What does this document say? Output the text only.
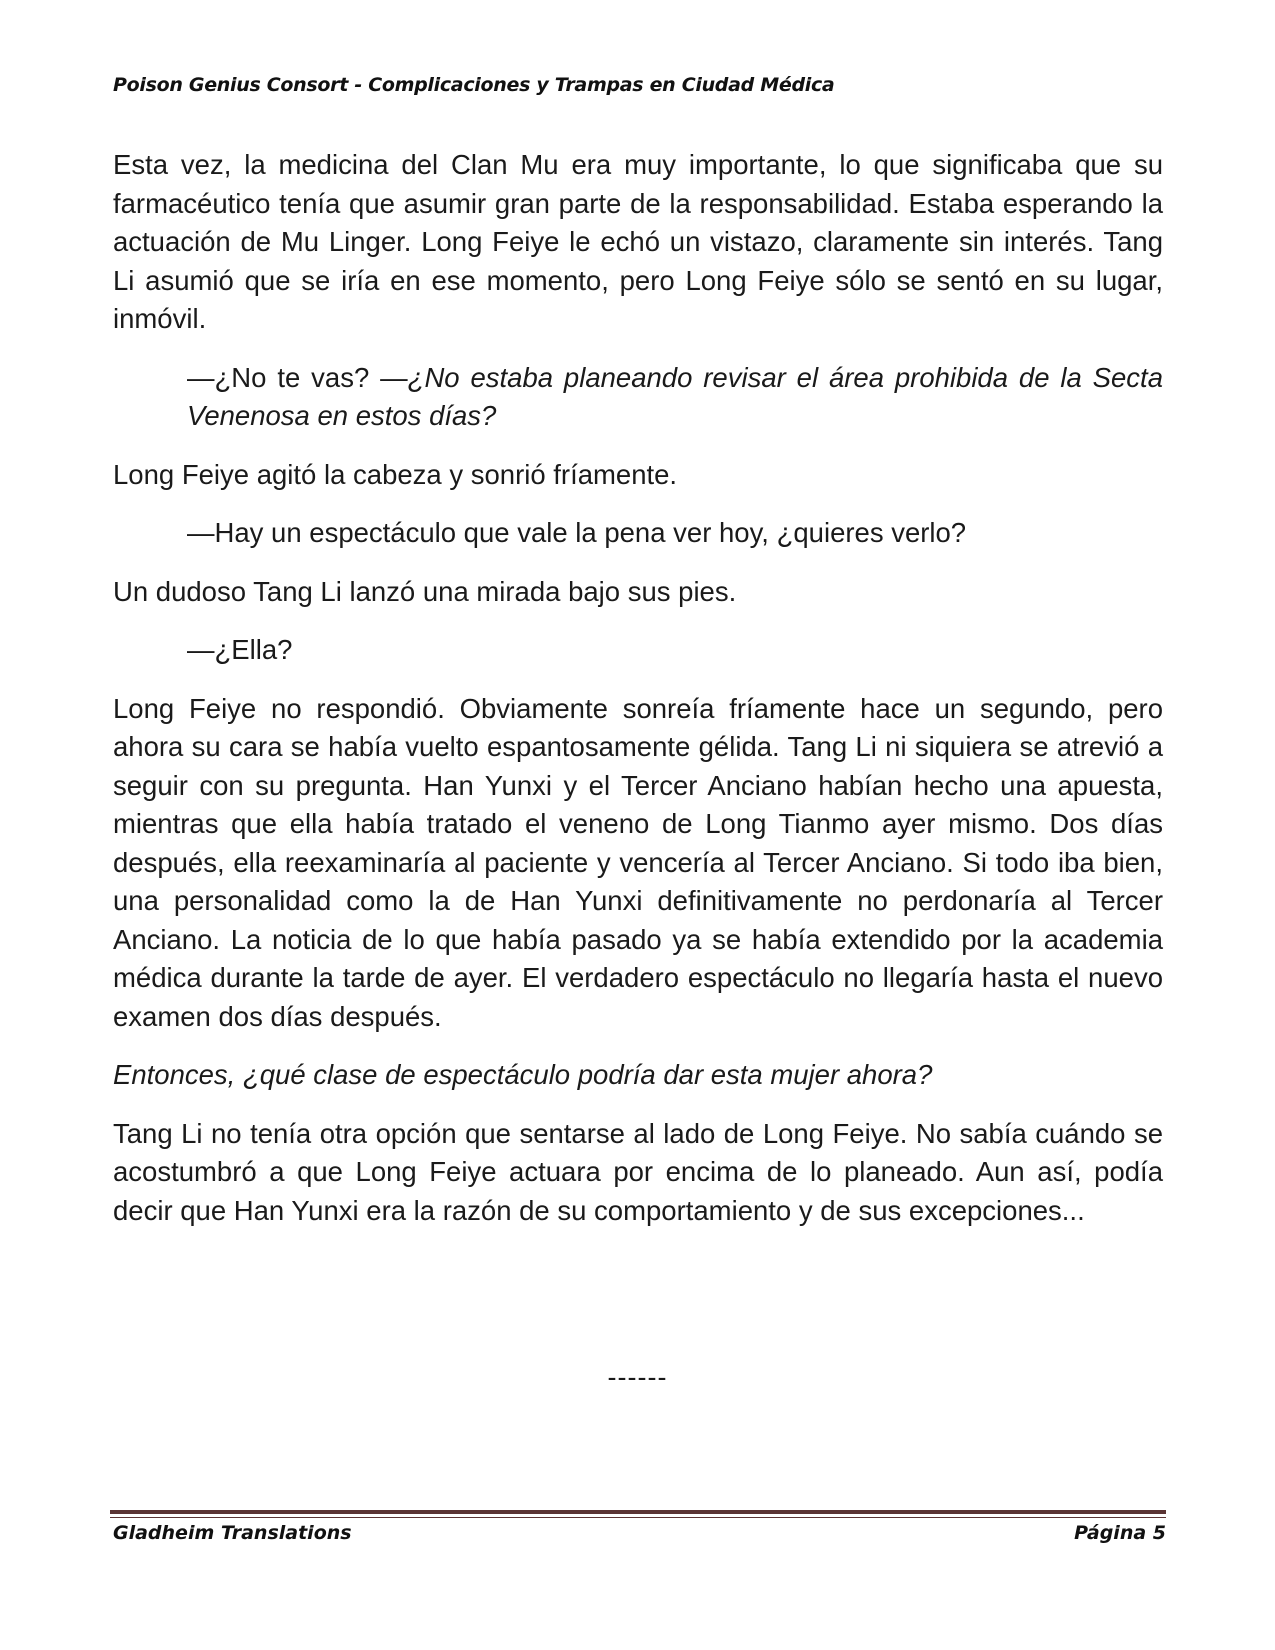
Poison Genius Consort - Complicaciones y Trampas en Ciudad Médica

Esta vez, la medicina del Clan Mu era muy importante, lo que significaba que su farmacéutico tenía que asumir gran parte de la responsabilidad. Estaba esperando la actuación de Mu Linger. Long Feiye le echó un vistazo, claramente sin interés. Tang Li asumió que se iría en ese momento, pero Long Feiye sólo se sentó en su lugar, inmóvil.

—¿No te vas? —¿No estaba planeando revisar el área prohibida de la Secta Venenosa en estos días?

Long Feiye agitó la cabeza y sonrió fríamente.

—Hay un espectáculo que vale la pena ver hoy, ¿quieres verlo?

Un dudoso Tang Li lanzó una mirada bajo sus pies.

—¿Ella?

Long Feiye no respondió. Obviamente sonreía fríamente hace un segundo, pero ahora su cara se había vuelto espantosamente gélida. Tang Li ni siquiera se atrevió a seguir con su pregunta. Han Yunxi y el Tercer Anciano habían hecho una apuesta, mientras que ella había tratado el veneno de Long Tianmo ayer mismo. Dos días después, ella reexaminaría al paciente y vencería al Tercer Anciano. Si todo iba bien, una personalidad como la de Han Yunxi definitivamente no perdonaría al Tercer Anciano. La noticia de lo que había pasado ya se había extendido por la academia médica durante la tarde de ayer. El verdadero espectáculo no llegaría hasta el nuevo examen dos días después.

Entonces, ¿qué clase de espectáculo podría dar esta mujer ahora?

Tang Li no tenía otra opción que sentarse al lado de Long Feiye. No sabía cuándo se acostumbró a que Long Feiye actuara por encima de lo planeado. Aun así, podía decir que Han Yunxi era la razón de su comportamiento y de sus excepciones...

------
Gladheim Translations	Página 5
